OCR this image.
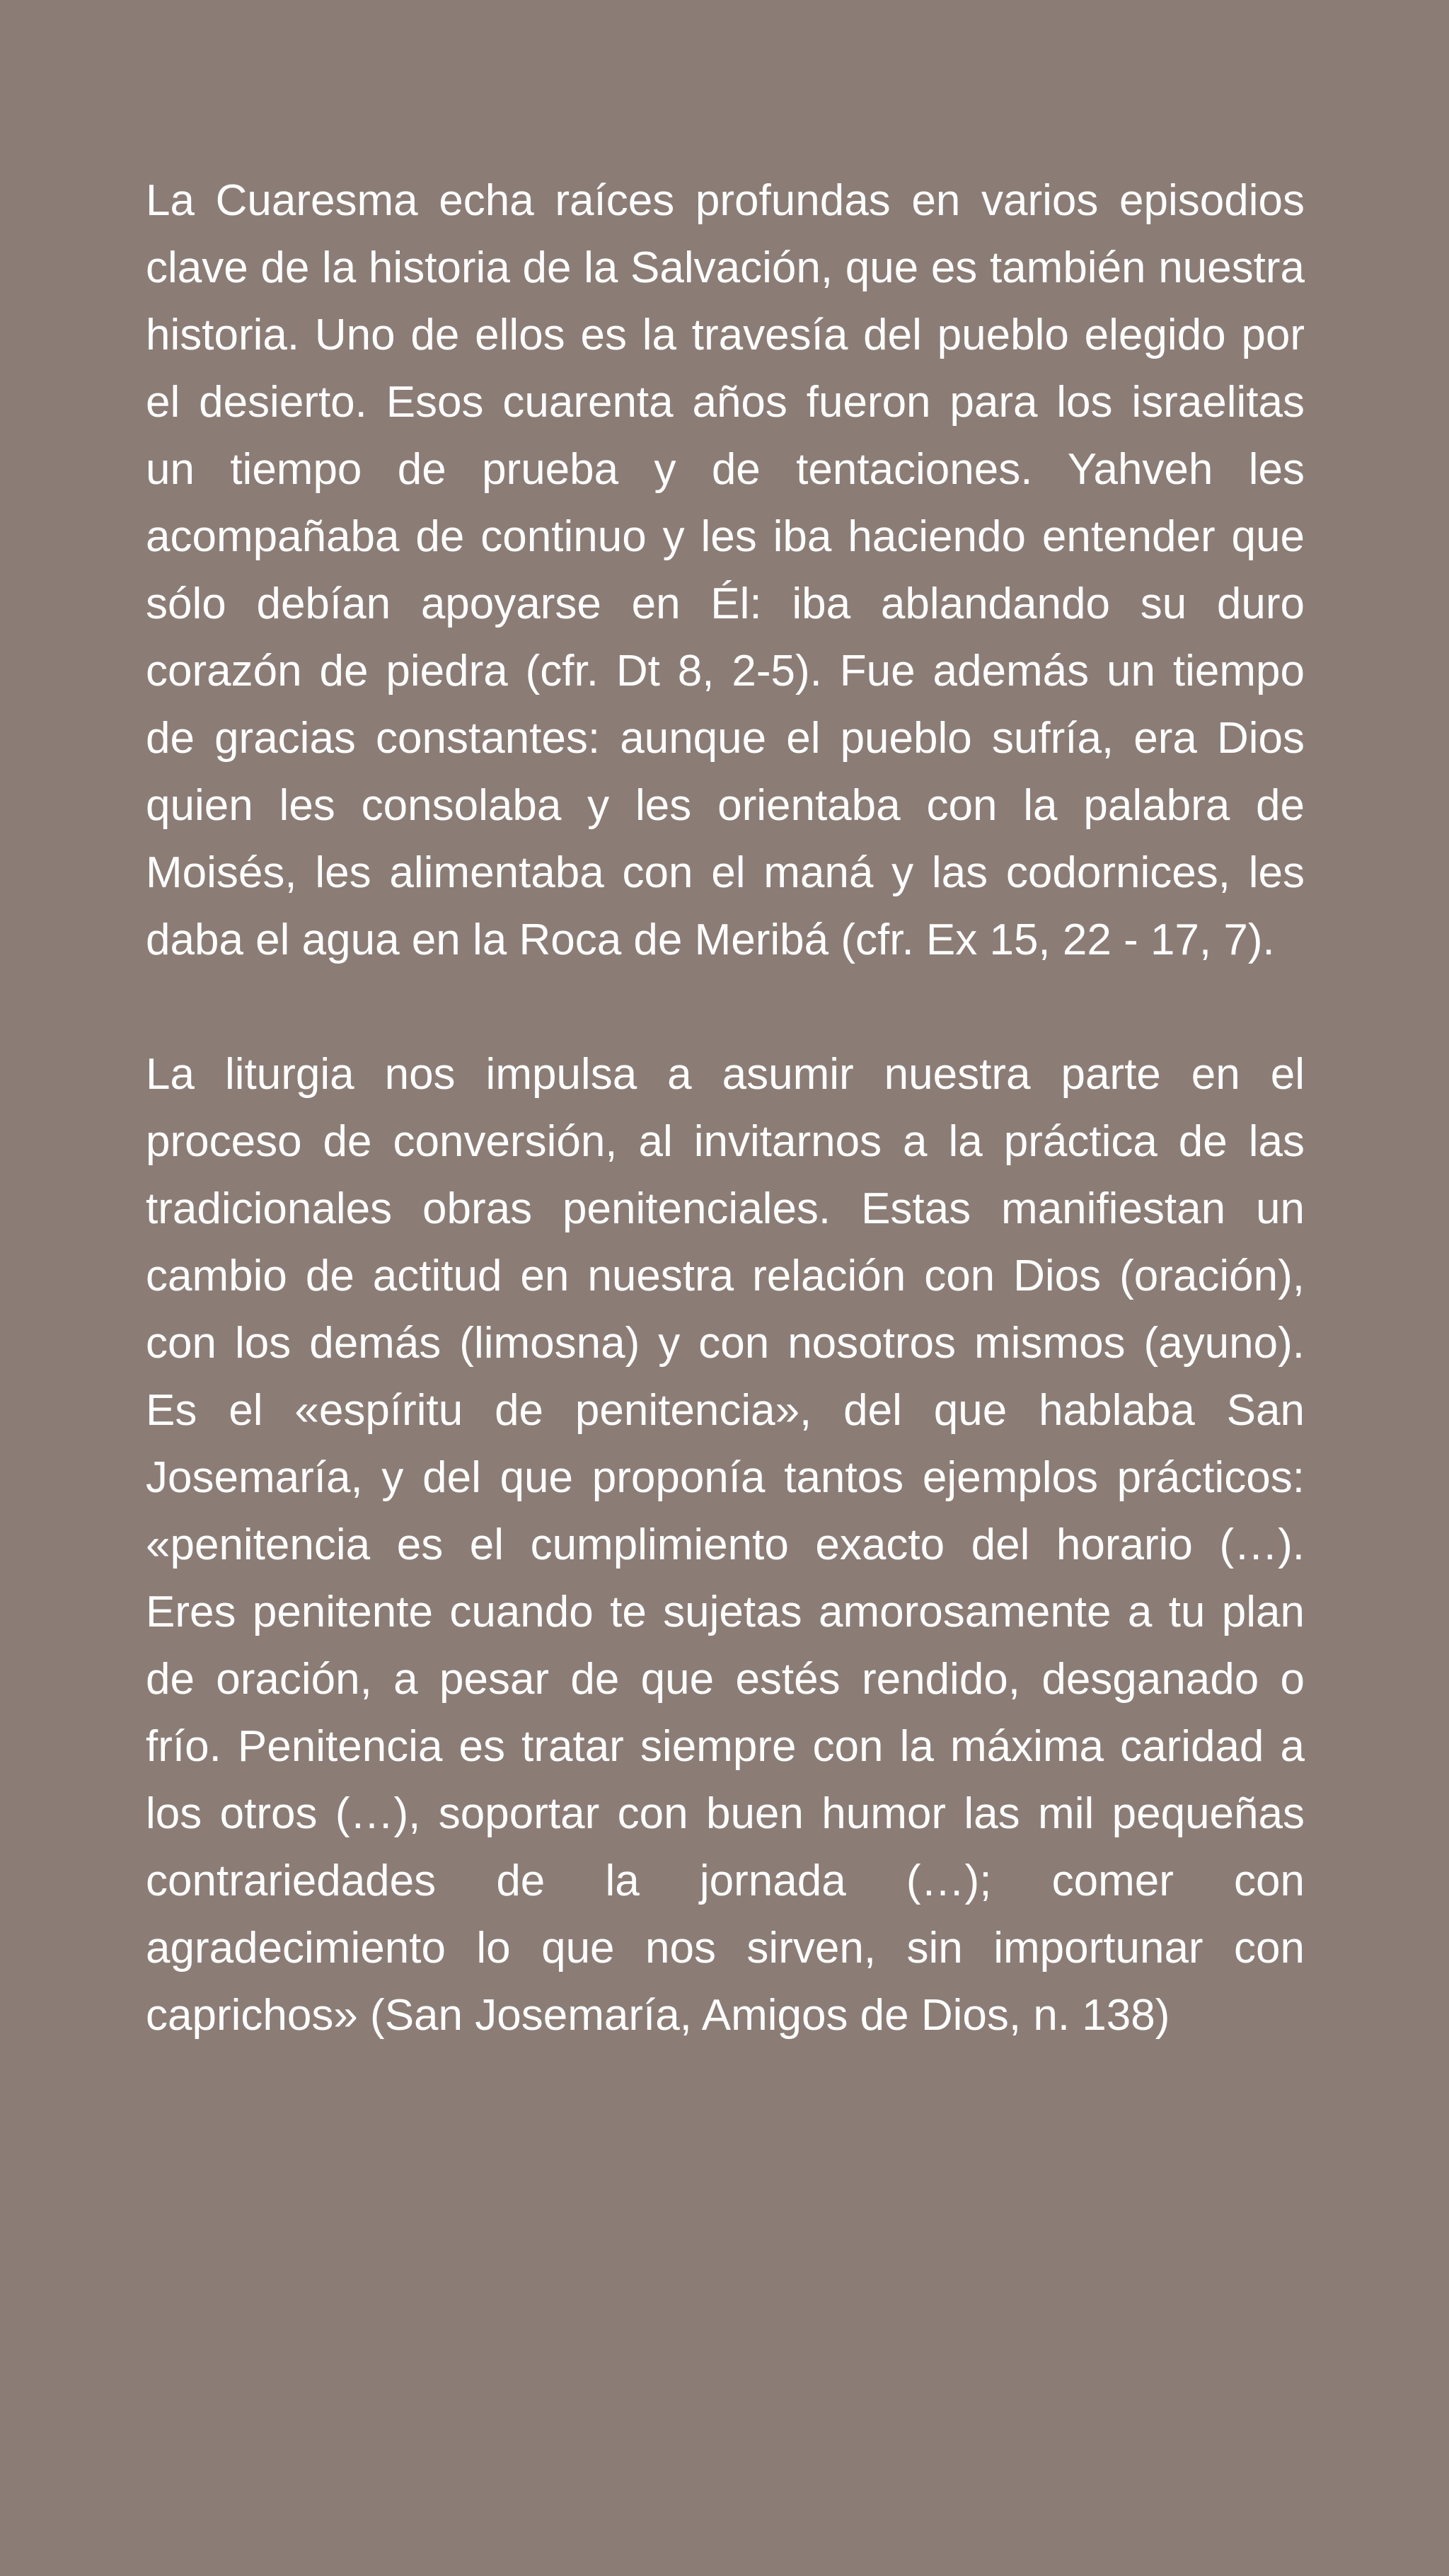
La Cuaresma echa raíces profundas en varios episodios clave de la historia de la Salvación, que es también nuestra historia. Uno de ellos es la travesía del pueblo elegido por el desierto. Esos cuarenta años fueron para los israelitas un tiempo de prueba y de tentaciones. Yahveh les acompañaba de continuo y les iba haciendo entender que sólo debían apoyarse en Él: iba ablandando su duro corazón de piedra (cfr. Dt 8, 2-5). Fue además un tiempo de gracias constantes: aunque el pueblo sufría, era Dios quien les consolaba y les orientaba con la palabra de Moisés, les alimentaba con el maná y las codornices, les daba el agua en la Roca de Meribá (cfr. Ex 15, 22 - 17, 7).

La liturgia nos impulsa a asumir nuestra parte en el proceso de conversión, al invitarnos a la práctica de las tradicionales obras penitenciales. Estas manifiestan un cambio de actitud en nuestra relación con Dios (oración), con los demás (limosna) y con nosotros mismos (ayuno). Es el «espíritu de penitencia», del que hablaba San Josemaría, y del que proponía tantos ejemplos prácticos: «penitencia es el cumplimiento exacto del horario (…). Eres penitente cuando te sujetas amorosamente a tu plan de oración, a pesar de que estés rendido, desganado o frío. Penitencia es tratar siempre con la máxima caridad a los otros (…), soportar con buen humor las mil pequeñas contrariedades de la jornada (…); comer con agradecimiento lo que nos sirven, sin importunar con caprichos» (San Josemaría, Amigos de Dios, n. 138)
